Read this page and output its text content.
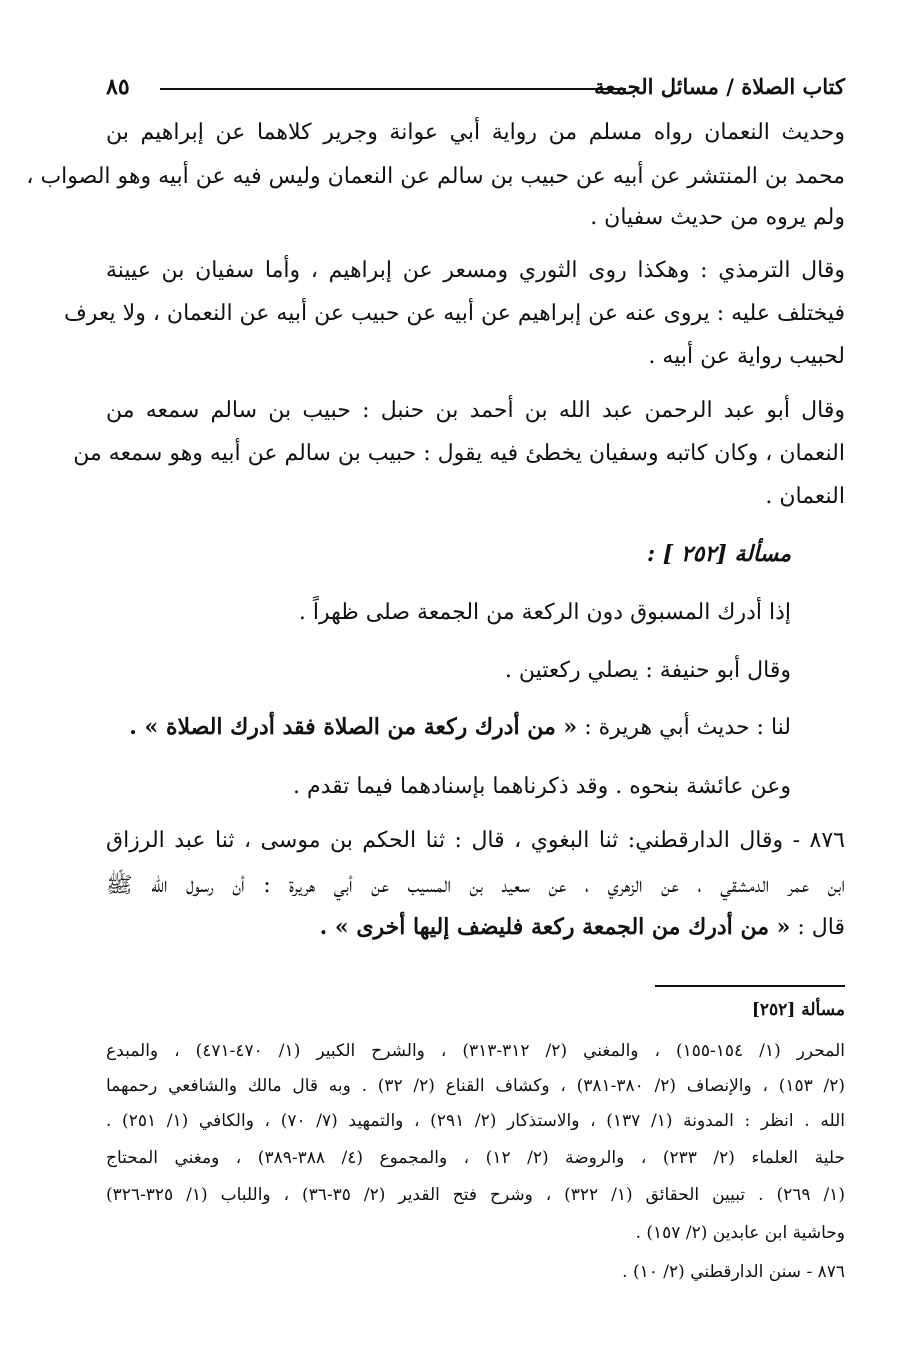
كتاب الصلاة / مسائل الجمعة
٨٥
وحديث النعمان رواه مسلم من رواية أبي عوانة وجرير كلاهما عن إبراهيم بن
محمد بن المنتشر عن أبيه عن حبيب بن سالم عن النعمان وليس فيه عن أبيه وهو الصواب ،
ولم يروه من حديث سفيان .
وقال الترمذي : وهكذا روى الثوري ومسعر عن إبراهيم ، وأما سفيان بن عيينة
فيختلف عليه : يروى عنه عن إبراهيم عن أبيه عن حبيب عن أبيه عن النعمان ، ولا يعرف
لحبيب رواية عن أبيه .
وقال أبو عبد الرحمن عبد الله بن أحمد بن حنبل : حبيب بن سالم سمعه من
النعمان ، وكان كاتبه وسفيان يخطئ فيه يقول : حبيب بن سالم عن أبيه وهو سمعه من
النعمان .
مسألة [٢٥٢ ] :
إذا أدرك المسبوق دون الركعة من الجمعة صلى ظهراً .
وقال أبو حنيفة : يصلي ركعتين .
لنا : حديث أبي هريرة : « من أدرك ركعة من الصلاة فقد أدرك الصلاة » .
وعن عائشة بنحوه . وقد ذكرناهما بإسنادهما فيما تقدم .
٨٧٦ - وقال الدارقطني: ثنا البغوي ، قال : ثنا الحكم بن موسى ، ثنا عبد الرزاق
ابن عمر الدمشقي ، عن الزهري ، عن سعيد بن المسيب عن أبي هريرة : أن رسول الله ﷺ
قال : « من أدرك من الجمعة ركعة فليضف إليها أخرى » .
مسألة [٢٥٢]
المحرر (١/ ١٥٤-١٥٥) ، والمغني (٢/ ٣١٢-٣١٣) ، والشرح الكبير (١/ ٤٧٠-٤٧١) ، والمبدع
(٢/ ١٥٣) ، والإنصاف (٢/ ٣٨٠-٣٨١) ، وكشاف القناع (٢/ ٣٢) . وبه قال مالك والشافعي رحمهما
الله . انظر : المدونة (١/ ١٣٧) ، والاستذكار (٢/ ٢٩١) ، والتمهيد (٧/ ٧٠) ، والكافي (١/ ٢٥١) .
حلية العلماء (٢/ ٢٣٣) ، والروضة (٢/ ١٢) ، والمجموع (٤/ ٣٨٨-٣٨٩) ، ومغني المحتاج
(١/ ٢٦٩) . تبيين الحقائق (١/ ٣٢٢) ، وشرح فتح القدير (٢/ ٣٥-٣٦) ، واللباب (١/ ٣٢٥-٣٢٦)
وحاشية ابن عابدين (٢/ ١٥٧) .
٨٧٦ - سنن الدارقطني (٢/ ١٠) .
